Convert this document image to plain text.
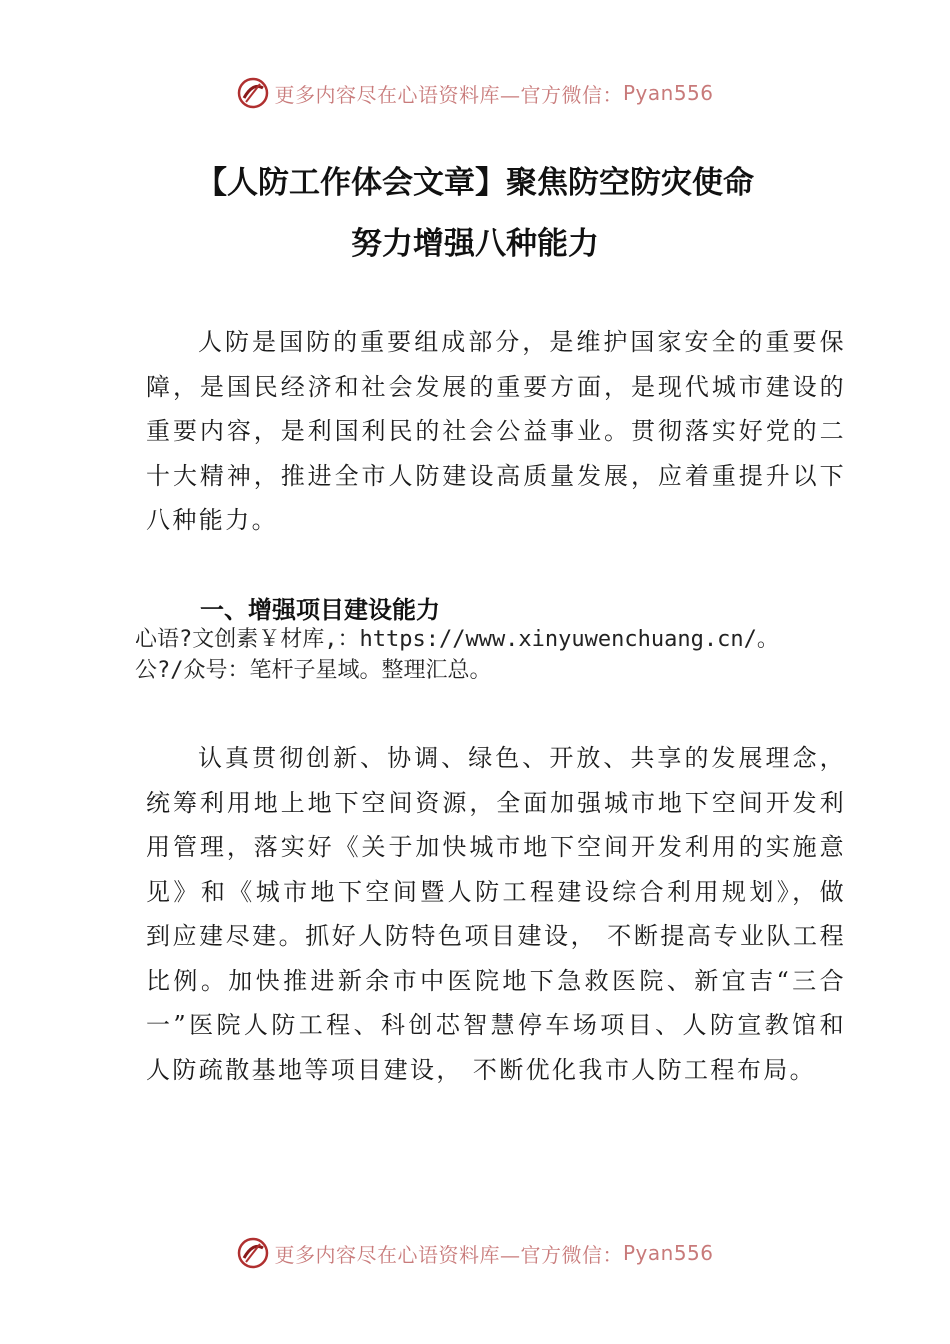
更多内容尽在心语资料库—官方微信： Pyan556
【人防工作体会文章】聚焦防空防灾使命
努力增强八种能力
人防是国防的重要组成部分，是维护国家安全的重要保障，是国民经济和社会发展的重要方面，是现代城市建设的重要内容，是利国利民的社会公益事业。贯彻落实好党的二十大精神，推进全市人防建设高质量发展，应着重提升以下八种能力。
一、增强项目建设能力
心语?文创素￥材库,：https://www.xinyuwenchuang.cn/。公?/众号：笔杆子星域。整理汇总。
认真贯彻创新、协调、绿色、开放、共享的发展理念，统筹利用地上地下空间资源，全面加强城市地下空间开发利用管理，落实好《关于加快城市地下空间开发利用的实施意见》和《城市地下空间暨人防工程建设综合利用规划》，做到应建尽建。抓好人防特色项目建设， 不断提高专业队工程比例。加快推进新余市中医院地下急救医院、新宜吉“三合一”医院人防工程、科创芯智慧停车场项目、人防宣教馆和人防疏散基地等项目建设， 不断优化我市人防工程布局。
更多内容尽在心语资料库—官方微信： Pyan556
